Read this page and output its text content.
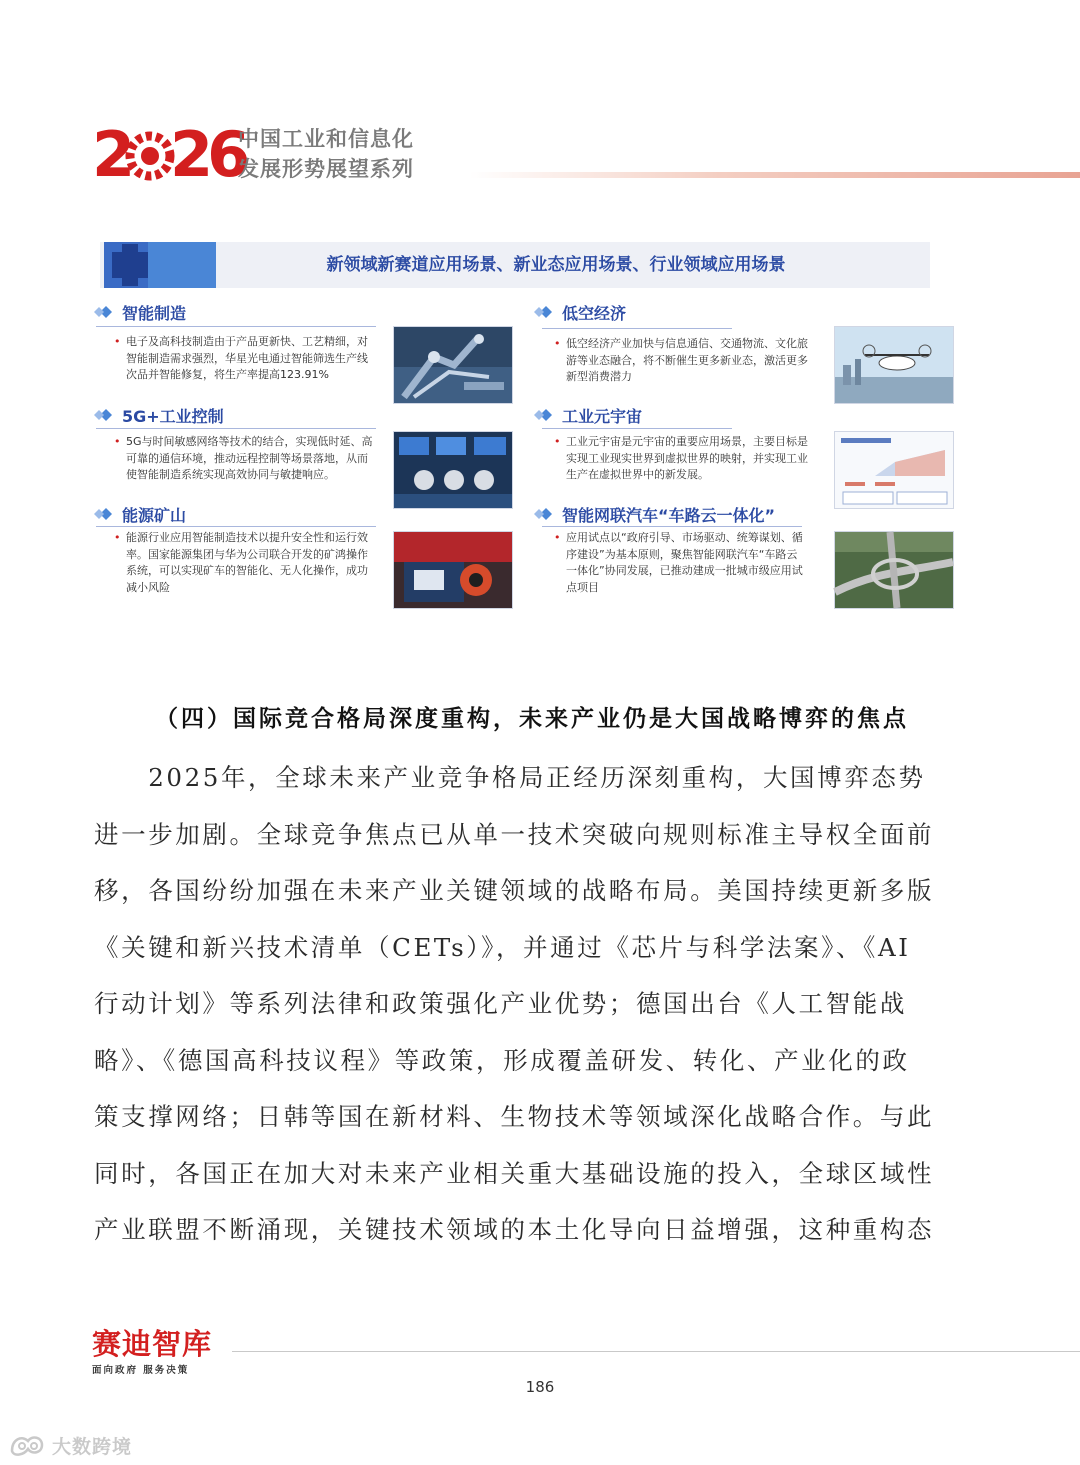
2 26
中国工业和信息化
发展形势展望系列
新领域新赛道应用场景、新业态应用场景、行业领域应用场景
智能制造
• 电子及高科技制造由于产品更新快、工艺精细，对
智能制造需求强烈，华星光电通过智能筛选生产线
次品并智能修复，将生产率提高123.91%
5G+工业控制
• 5G与时间敏感网络等技术的结合，实现低时延、高
可靠的通信环境，推动远程控制等场景落地，从而
使智能制造系统实现高效协同与敏捷响应。
能源矿山
• 能源行业应用智能制造技术以提升安全性和运行效
率。国家能源集团与华为公司联合开发的矿鸿操作
系统，可以实现矿车的智能化、无人化操作，成功
减小风险
低空经济
• 低空经济产业加快与信息通信、交通物流、文化旅
游等业态融合，将不断催生更多新业态，激活更多
新型消费潜力
工业元宇宙
• 工业元宇宙是元宇宙的重要应用场景，主要目标是
实现工业现实世界到虚拟世界的映射，并实现工业
生产在虚拟世界中的新发展。
智能网联汽车“车路云一体化”
• 应用试点以“政府引导、市场驱动、统筹谋划、循
序建设”为基本原则，聚焦智能网联汽车“车路云
一体化”协同发展，已推动建成一批城市级应用试
点项目
（四）国际竞合格局深度重构，未来产业仍是大国战略博弈的焦点
　　2025年，全球未来产业竞争格局正经历深刻重构，大国博弈态势
进一步加剧。全球竞争焦点已从单一技术突破向规则标准主导权全面前
移，各国纷纷加强在未来产业关键领域的战略布局。美国持续更新多版
《关键和新兴技术清单（CETs）》，并通过《芯片与科学法案》、《AI
行动计划》等系列法律和政策强化产业优势；德国出台《人工智能战
略》、《德国高科技议程》等政策，形成覆盖研发、转化、产业化的政
策支撑网络；日韩等国在新材料、生物技术等领域深化战略合作。与此
同时，各国正在加大对未来产业相关重大基础设施的投入，全球区域性
产业联盟不断涌现，关键技术领域的本土化导向日益增强，这种重构态
赛迪智库
面向政府 服务决策
186
大数跨境
